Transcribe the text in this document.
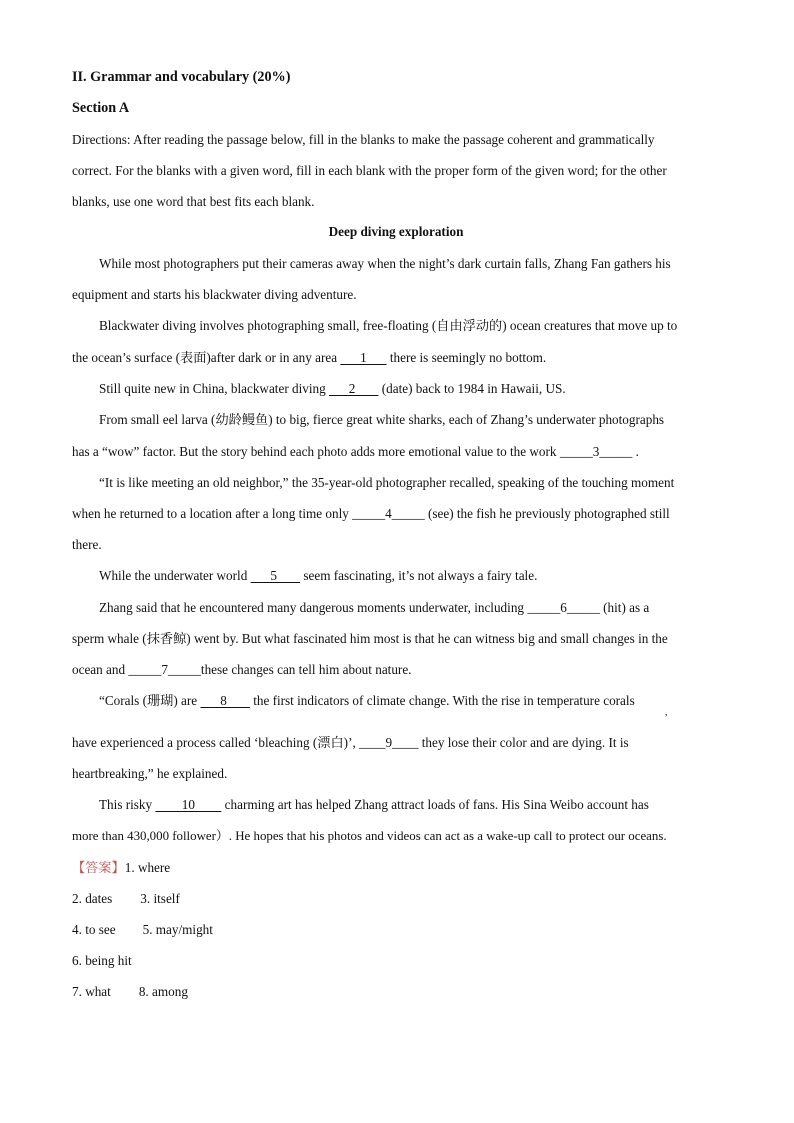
II. Grammar and vocabulary (20%)
Section A
Directions: After reading the passage below, fill in the blanks to make the passage coherent and grammatically
correct. For the blanks with a given word, fill in each blank with the proper form of the given word; for the other
blanks, use one word that best fits each blank.
Deep diving exploration
While most photographers put their cameras away when the night’s dark curtain falls, Zhang Fan gathers his
equipment and starts his blackwater diving adventure.
Blackwater diving involves photographing small, free-floating (自由浮动的) ocean creatures that move up to
the ocean’s surface (表面)after dark or in any area       1       there is seemingly no bottom.
Still quite new in China, blackwater diving       2        (date) back to 1984 in Hawaii, US.
From small eel larva (幼龄鳗鱼) to big, fierce great white sharks, each of Zhang’s underwater photographs
has a “wow” factor. But the story behind each photo adds more emotional value to the work _____3_____ .
“It is like meeting an old neighbor,” the 35-year-old photographer recalled, speaking of the touching moment
when he returned to a location after a long time only _____4_____ (see) the fish he previously photographed still
there.
While the underwater world       5        seem fascinating, it’s not always a fairy tale.
Zhang said that he encountered many dangerous moments underwater, including _____6_____ (hit) as a
sperm whale (抹香鲸) went by. But what fascinated him most is that he can witness big and small changes in the
ocean and _____7_____these changes can tell him about nature.
“Corals (珊瑚) are       8        the first indicators of climate change. With the rise in temperature corals
,
have experienced a process called ‘bleaching (漂白)’, ____9____ they lose their color and are dying. It is
heartbreaking,” he explained.
This risky         10         charming art has helped Zhang attract loads of fans. His Sina Weibo account has
more than 430,000 follower）. He hopes that his photos and videos can act as a wake-up call to protect our oceans.
【答案】1. where
2. dates 3. itself
4. to see 5. may/might
6. being hit
7. what 8. among
